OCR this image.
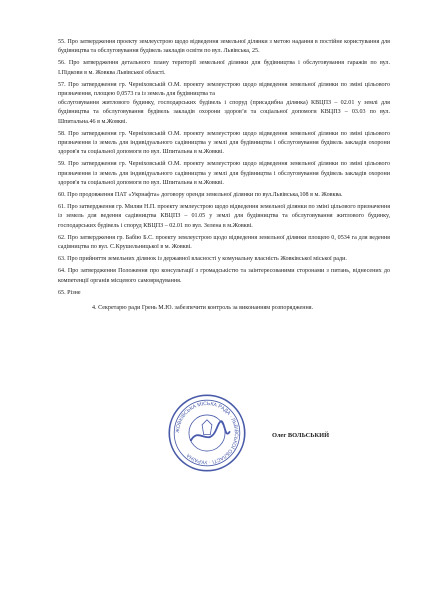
55. Про затвердження проекту землеустрою щодо відведення земельної ділянки з метою надання в постійне користування для будівництва та обслуговування будівель закладів освіти по вул. Львівська, 25.

56. Про затвердження детального плану території земельної ділянки для будівництва і обслуговування гаражів по вул. І.Підкови в м. Жовква Львівської області.

57. Про затвердження гр. Черніховській О.М. проекту землеустрою щодо відведення земельної ділянки по зміні цільового призначення, площею 0,0573 га із земель для будівництва та

обслуговування житлового будинку, господарських будівель і споруд (присадибна ділянка) КВЦПЗ – 02.01 у землі для будівництва та обслуговування будівель закладів охорони здоров’я та соціальної допомоги КВЦПЗ – 03.03 по вул. Шпитальна.46 в м.Жовкві.

58. Про затвердження гр. Черніховській О.М. проекту землеустрою щодо відведення земельної ділянки по зміні цільового призначення із земель для індивідуального садівництва у землі для будівництва і обслуговування будівель закладів охорони здоров'я та соціальної допомоги по вул. Шпитальна в м.Жовкві.

59. Про затвердження гр. Черніховській О.М. проекту землеустрою щодо відведення земельної ділянки по зміні цільового призначення із земель для індивідуального садівництва у землі для будівництва і обслуговування будівель закладів охорони здоров'я та соціальної допомоги по вул. Шпитальна в м.Жовкві.

60. Про продовження ПАТ «Укрнафта» договору оренди земельної ділянки по вул.Львівська,108 в м. Жовква.

61. Про затвердження гр. Миляи Н.П. проекту землеустрою щодо відведення земельної ділянки по зміні цільового призначення із земель для ведення садівництва КВЦПЗ – 01.05 у землі для будівництва та обслуговування житлового будинку, господарських будівель і споруд КВЦПЗ – 02.01 по вул. Зелена в м.Жовкві.

62. Про затвердження гр. Бабію Б.С. проекту землеустрою щодо відведення земельної ділянки площею 0, 0534 га для ведення садівництва по вул. С.Крушельницької в м. Жовкві.

63. Про прийняття земельних ділянок із державної власності у комунальну власність Жовківської міської ради.

64. Про затвердження Положення про консультації з громадськістю та заінтересованими сторонами з питань, віднесених до компетенції органів місцевого самоврядування.

65. Різне

4. Секретарю ради Грень М.Ю. забезпечити контроль за виконанням розпорядження.
ЖОВКІВСЬКА МІСЬКА РАДА · ЛЬВІВСЬКОЇ ОБЛАСТІ · УКРАЇНА
Олег ВОЛЬСЬКИЙ
